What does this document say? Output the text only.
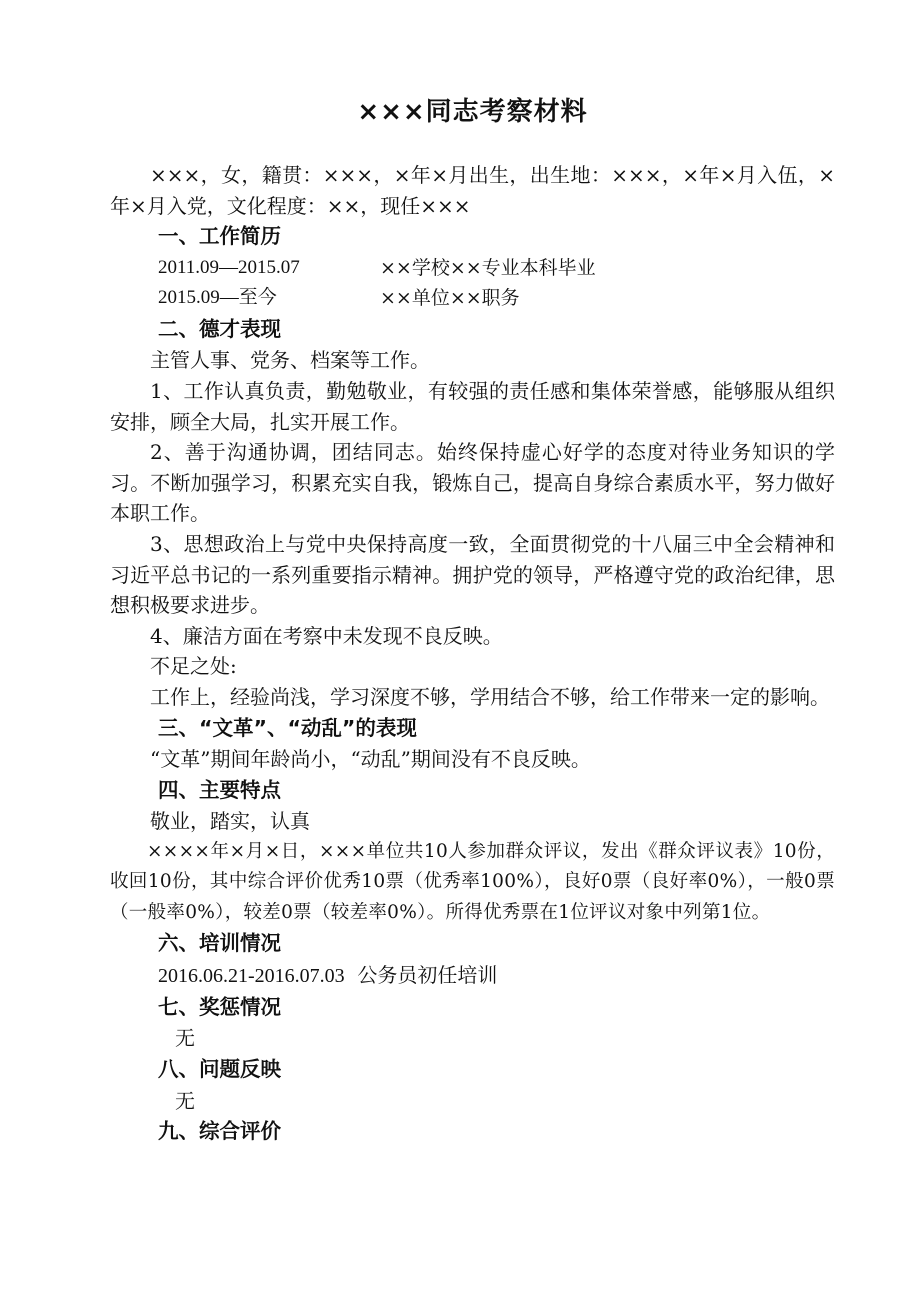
×××同志考察材料

×××，女，籍贯：×××，×年×月出生，出生地：×××，×年×月入伍，×年×月入党，文化程度：××，现任×××

一、工作简历
2011.09—2015.07	××学校××专业本科毕业
2015.09—至今	××单位××职务
二、德才表现

主管人事、党务、档案等工作。

1、工作认真负责，勤勉敬业，有较强的责任感和集体荣誉感，能够服从组织安排，顾全大局，扎实开展工作。

2、善于沟通协调，团结同志。始终保持虚心好学的态度对待业务知识的学习。不断加强学习，积累充实自我，锻炼自己，提高自身综合素质水平，努力做好本职工作。

3、思想政治上与党中央保持高度一致，全面贯彻党的十八届三中全会精神和习近平总书记的一系列重要指示精神。拥护党的领导，严格遵守党的政治纪律，思想积极要求进步。

4、廉洁方面在考察中未发现不良反映。

不足之处:

工作上，经验尚浅，学习深度不够，学用结合不够，给工作带来一定的影响。

三、“文革”、“动乱”的表现

“文革”期间年龄尚小，“动乱”期间没有不良反映。

四、主要特点

敬业，踏实，认真

××××年×月×日，×××单位共10人参加群众评议，发出《群众评议表》10份，收回10份，其中综合评价优秀10票（优秀率100%），良好0票（良好率0%），一般0票（一般率0%），较差0票（较差率0%）。所得优秀票在1位评议对象中列第1位。

六、培训情况
2016.06.21-2016.07.03 公务员初任培训
七、奖惩情况

无

八、问题反映

无

九、综合评价
